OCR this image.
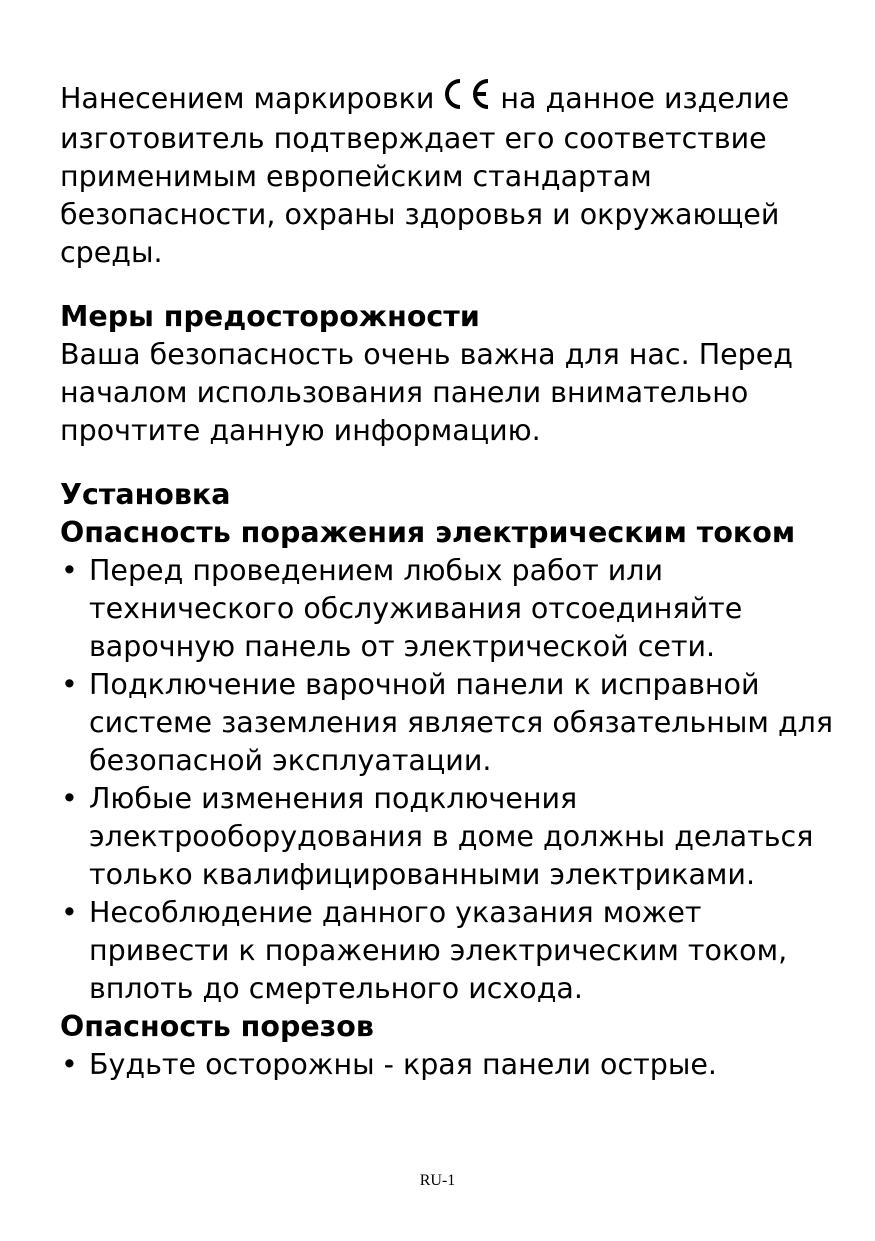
Нанесением маркировки на данное изделие изготовитель подтверждает его соответствие применимым европейским стандартам безопасности, охраны здоровья и окружающей среды.

Меры предосторожности

Ваша безопасность очень важна для нас. Перед началом использования панели внимательно прочтите данную информацию.

Установка

Опасность поражения электрическим током

• Перед проведением любых работ или технического обслуживания отсоединяйте варочную панель от электрической сети.
• Подключение варочной панели к исправной системе заземления является обязательным для безопасной эксплуатации.
• Любые изменения подключения электрооборудования в доме должны делаться только квалифицированными электриками.
• Несоблюдение данного указания может привести к поражению электрическим током, вплоть до смертельного исхода.

Опасность порезов

• Будьте осторожны - края панели острые.
RU-1
